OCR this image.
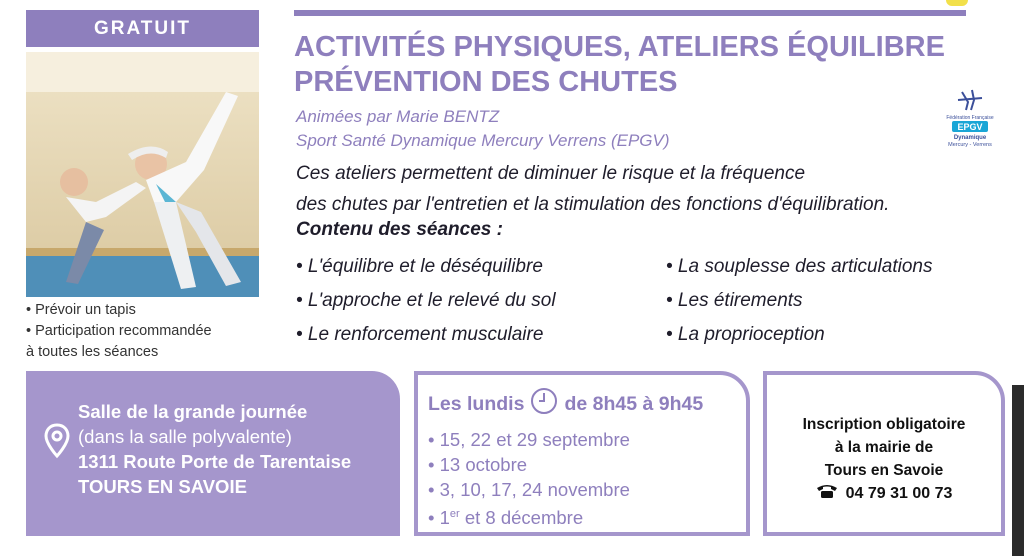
GRATUIT
• Prévoir un tapis
• Participation recommandée
à toutes les séances
ACTIVITÉS PHYSIQUES, ATELIERS ÉQUILIBRE
PRÉVENTION DES CHUTES
Animées par Marie BENTZ
Sport Santé Dynamique Mercury Verrens (EPGV)
Fédération Française
EPGV
Dynamique
Mercury - Verrens
Ces ateliers permettent de diminuer le risque et la fréquence
des chutes par l'entretien et la stimulation des fonctions d'équilibration.
Contenu des séances :
• L'équilibre et le déséquilibre
• L'approche et le relevé du sol
• Le renforcement musculaire
• La souplesse des articulations
• Les étirements
• La proprioception
Salle de la grande journée
(dans la salle polyvalente)
1311 Route Porte de Tarentaise
TOURS EN SAVOIE
Les lundis de 8h45 à 9h45
• 15, 22 et 29 septembre
• 13 octobre
• 3, 10, 17, 24 novembre
• 1er et 8 décembre
Inscription obligatoire
à la mairie de
Tours en Savoie
04 79 31 00 73
